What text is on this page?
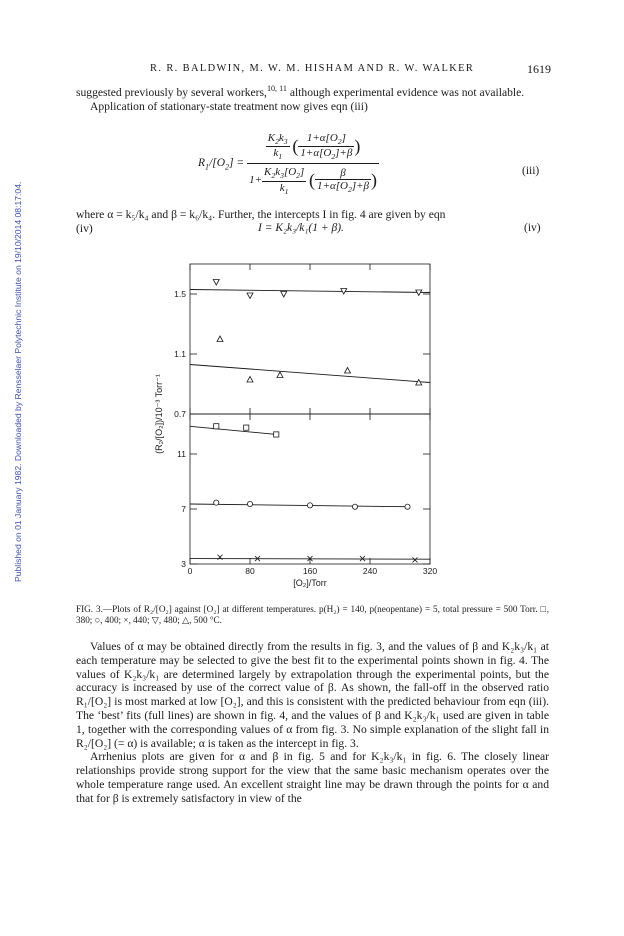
Published on 01 January 1982. Downloaded by Rensselaer Polytechnic Institute on 19/10/2014 08:17:04.
R. R. BALDWIN, M. W. M. HISHAM AND R. W. WALKER	1619

suggested previously by several workers,$^{10, 11}$ although experimental evidence was not available.

Application of stationary-state treatment now gives eqn (iii)

$R_1/[O_2] = \frac{\frac{K_2k_3}{k_1} ( \frac{1+\alpha[O_2]}{1+\alpha[O_2]+\beta} )}{1+ \frac{K_2k_3[O_2]}{k_1} ( \frac{\beta}{1+\alpha[O_2]+\beta} )}$	(iii)

where α = k₅/k₄ and β = k₆/k₄. Further, the intercepts I in fig. 4 are given by eqn

(iv)	I = K₂k₃/k₁(1 + β).	(iv)
1.5
1.1
0.7
11
7
3
0	80	160	240	320
[O₂]/Torr
(R₂/[O₂])/10⁻³ Torr⁻¹
FIG. 3.—Plots of R₂/[O₂] against [O₂] at different temperatures. p(H₂) = 140, p(neopentane) = 5, total pressure = 500 Torr. □, 380; ○, 400; ×, 440; ▽, 480; △, 500 °C.

Values of α may be obtained directly from the results in fig. 3, and the values of β and K₂k₃/k₁ at each temperature may be selected to give the best fit to the experimental points shown in fig. 4. The values of K₂k₃/k₁ are determined largely by extrapolation through the experimental points, but the accuracy is increased by use of the correct value of β. As shown, the fall-off in the observed ratio R₁/[O₂] is most marked at low [O₂], and this is consistent with the predicted behaviour from eqn (iii). The ‘best’ fits (full lines) are shown in fig. 4, and the values of β and K₂k₃/k₁ used are given in table 1, together with the corresponding values of α from fig. 3. No simple explanation of the slight fall in R₂/[O₂] (= α) is available; α is taken as the intercept in fig. 3.

Arrhenius plots are given for α and β in fig. 5 and for K₂k₃/k₁ in fig. 6. The closely linear relationships provide strong support for the view that the same basic mechanism operates over the whole temperature range used. An excellent straight line may be drawn through the points for α and that for β is extremely satisfactory in view of the
